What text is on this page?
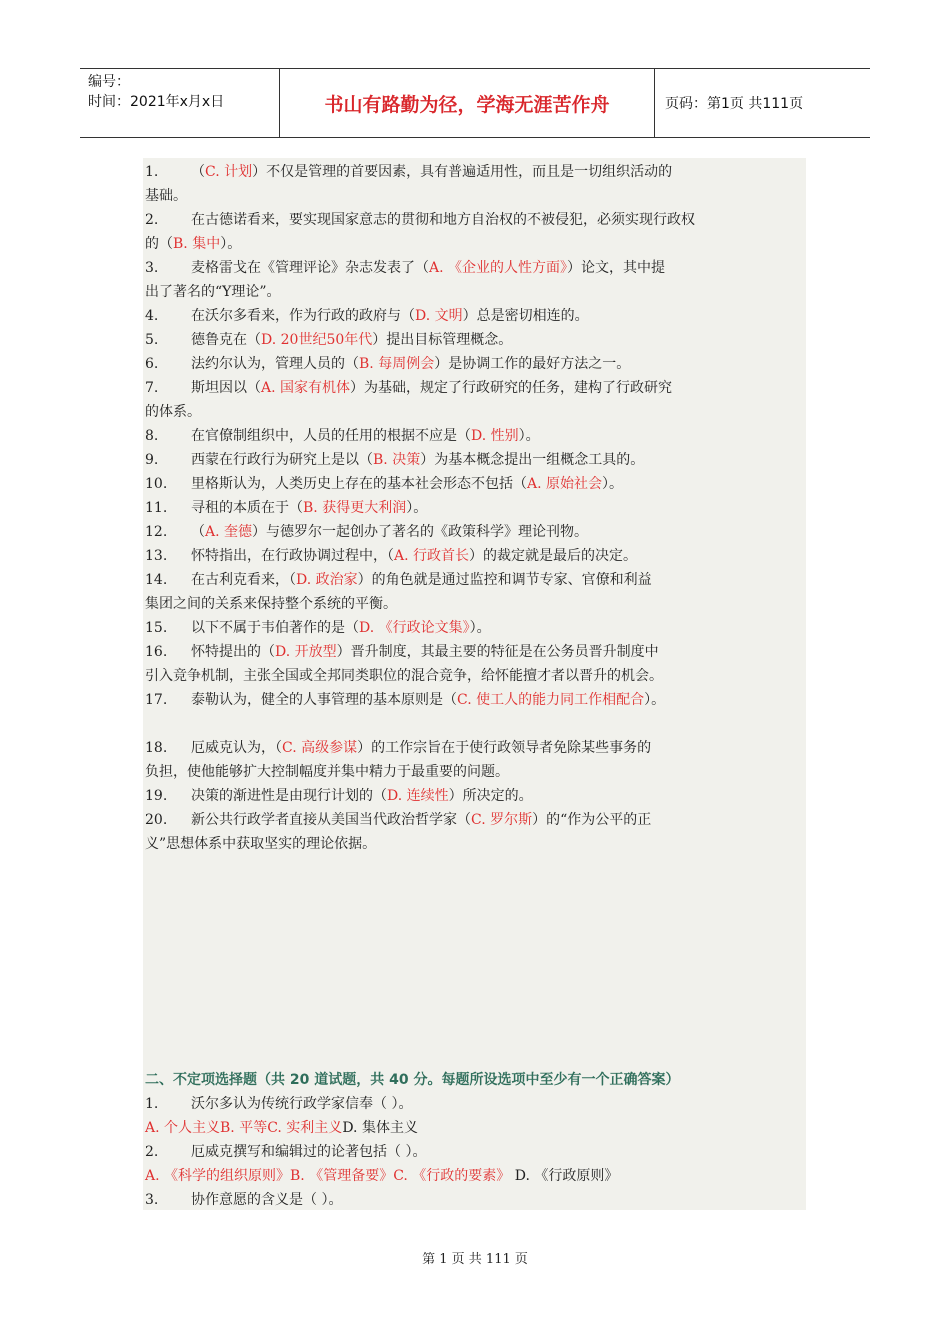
编号：
时间：2021年x月x日	书山有路勤为径，学海无涯苦作舟	页码：第1页 共111页

1. （C. 计划）不仅是管理的首要因素，具有普遍适用性，而且是一切组织活动的
基础。

2. 在古德诺看来，要实现国家意志的贯彻和地方自治权的不被侵犯，必须实现行政权
的（B. 集中）。

3. 麦格雷戈在《管理评论》杂志发表了（A. 《企业的人性方面》）论文，其中提
出了著名的“Y理论”。

4. 在沃尔多看来，作为行政的政府与（D. 文明）总是密切相连的。

5. 德鲁克在（D. 20世纪50年代）提出目标管理概念。

6. 法约尔认为，管理人员的（B. 每周例会）是协调工作的最好方法之一。

7. 斯坦因以（A. 国家有机体）为基础，规定了行政研究的任务，建构了行政研究
的体系。

8. 在官僚制组织中，人员的任用的根据不应是（D. 性别）。

9. 西蒙在行政行为研究上是以（B. 决策）为基本概念提出一组概念工具的。

10. 里格斯认为，人类历史上存在的基本社会形态不包括（A. 原始社会）。

11. 寻租的本质在于（B. 获得更大利润）。

12. （A. 奎德）与德罗尔一起创办了著名的《政策科学》理论刊物。

13. 怀特指出，在行政协调过程中，（A. 行政首长）的裁定就是最后的决定。

14. 在古利克看来，（D. 政治家）的角色就是通过监控和调节专家、官僚和利益
集团之间的关系来保持整个系统的平衡。

15. 以下不属于韦伯著作的是（D. 《行政论文集》）。

16. 怀特提出的（D. 开放型）晋升制度，其最主要的特征是在公务员晋升制度中
引入竞争机制，主张全国或全邦同类职位的混合竞争，给怀能擅才者以晋升的机会。

17. 泰勒认为，健全的人事管理的基本原则是（C. 使工人的能力同工作相配合）。

18. 厄威克认为，（C. 高级参谋）的工作宗旨在于使行政领导者免除某些事务的
负担，使他能够扩大控制幅度并集中精力于最重要的问题。

19. 决策的渐进性是由现行计划的（D. 连续性）所决定的。

20. 新公共行政学者直接从美国当代政治哲学家（C. 罗尔斯）的“作为公平的正
义”思想体系中获取坚实的理论依据。

二、不定项选择题（共 20 道试题，共 40 分。每题所设选项中至少有一个正确答案）

1. 沃尔多认为传统行政学家信奉（ ）。

A. 个人主义B. 平等C. 实利主义D. 集体主义

2. 厄威克撰写和编辑过的论著包括（ ）。

A. 《科学的组织原则》B. 《管理备要》C. 《行政的要素》 D. 《行政原则》

3. 协作意愿的含义是（ ）。

第 1 页 共 111 页
